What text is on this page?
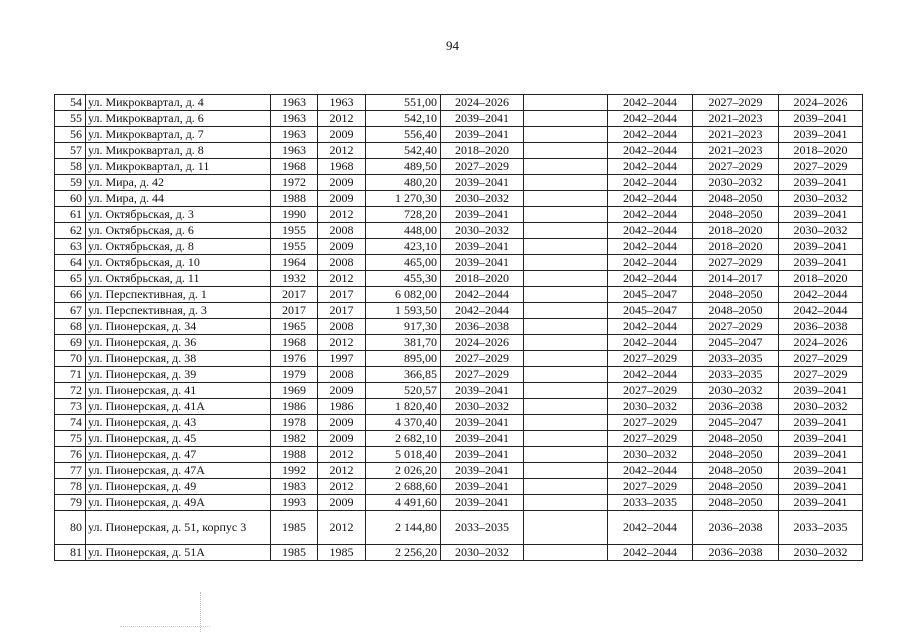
94
54	ул. Микроквартал, д. 4	1963	1963	551,00	2024–2026		2042–2044	2027–2029	2024–2026
55	ул. Микроквартал, д. 6	1963	2012	542,10	2039–2041		2042–2044	2021–2023	2039–2041
56	ул. Микроквартал, д. 7	1963	2009	556,40	2039–2041		2042–2044	2021–2023	2039–2041
57	ул. Микроквартал, д. 8	1963	2012	542,40	2018–2020		2042–2044	2021–2023	2018–2020
58	ул. Микроквартал, д. 11	1968	1968	489,50	2027–2029		2042–2044	2027–2029	2027–2029
59	ул. Мира, д. 42	1972	2009	480,20	2039–2041		2042–2044	2030–2032	2039–2041
60	ул. Мира, д. 44	1988	2009	1 270,30	2030–2032		2042–2044	2048–2050	2030–2032
61	ул. Октябрьская, д. 3	1990	2012	728,20	2039–2041		2042–2044	2048–2050	2039–2041
62	ул. Октябрьская, д. 6	1955	2008	448,00	2030–2032		2042–2044	2018–2020	2030–2032
63	ул. Октябрьская, д. 8	1955	2009	423,10	2039–2041		2042–2044	2018–2020	2039–2041
64	ул. Октябрьская, д. 10	1964	2008	465,00	2039–2041		2042–2044	2027–2029	2039–2041
65	ул. Октябрьская, д. 11	1932	2012	455,30	2018–2020		2042–2044	2014–2017	2018–2020
66	ул. Перспективная, д. 1	2017	2017	6 082,00	2042–2044		2045–2047	2048–2050	2042–2044
67	ул. Перспективная, д. 3	2017	2017	1 593,50	2042–2044		2045–2047	2048–2050	2042–2044
68	ул. Пионерская, д. 34	1965	2008	917,30	2036–2038		2042–2044	2027–2029	2036–2038
69	ул. Пионерская, д. 36	1968	2012	381,70	2024–2026		2042–2044	2045–2047	2024–2026
70	ул. Пионерская, д. 38	1976	1997	895,00	2027–2029		2027–2029	2033–2035	2027–2029
71	ул. Пионерская, д. 39	1979	2008	366,85	2027–2029		2042–2044	2033–2035	2027–2029
72	ул. Пионерская, д. 41	1969	2009	520,57	2039–2041		2027–2029	2030–2032	2039–2041
73	ул. Пионерская, д. 41А	1986	1986	1 820,40	2030–2032		2030–2032	2036–2038	2030–2032
74	ул. Пионерская, д. 43	1978	2009	4 370,40	2039–2041		2027–2029	2045–2047	2039–2041
75	ул. Пионерская, д. 45	1982	2009	2 682,10	2039–2041		2027–2029	2048–2050	2039–2041
76	ул. Пионерская, д. 47	1988	2012	5 018,40	2039–2041		2030–2032	2048–2050	2039–2041
77	ул. Пионерская, д. 47А	1992	2012	2 026,20	2039–2041		2042–2044	2048–2050	2039–2041
78	ул. Пионерская, д. 49	1983	2012	2 688,60	2039–2041		2027–2029	2048–2050	2039–2041
79	ул. Пионерская, д. 49А	1993	2009	4 491,60	2039–2041		2033–2035	2048–2050	2039–2041
80	ул. Пионерская, д. 51, корпус 3	1985	2012	2 144,80	2033–2035		2042–2044	2036–2038	2033–2035
81	ул. Пионерская, д. 51А	1985	1985	2 256,20	2030–2032		2042–2044	2036–2038	2030–2032
